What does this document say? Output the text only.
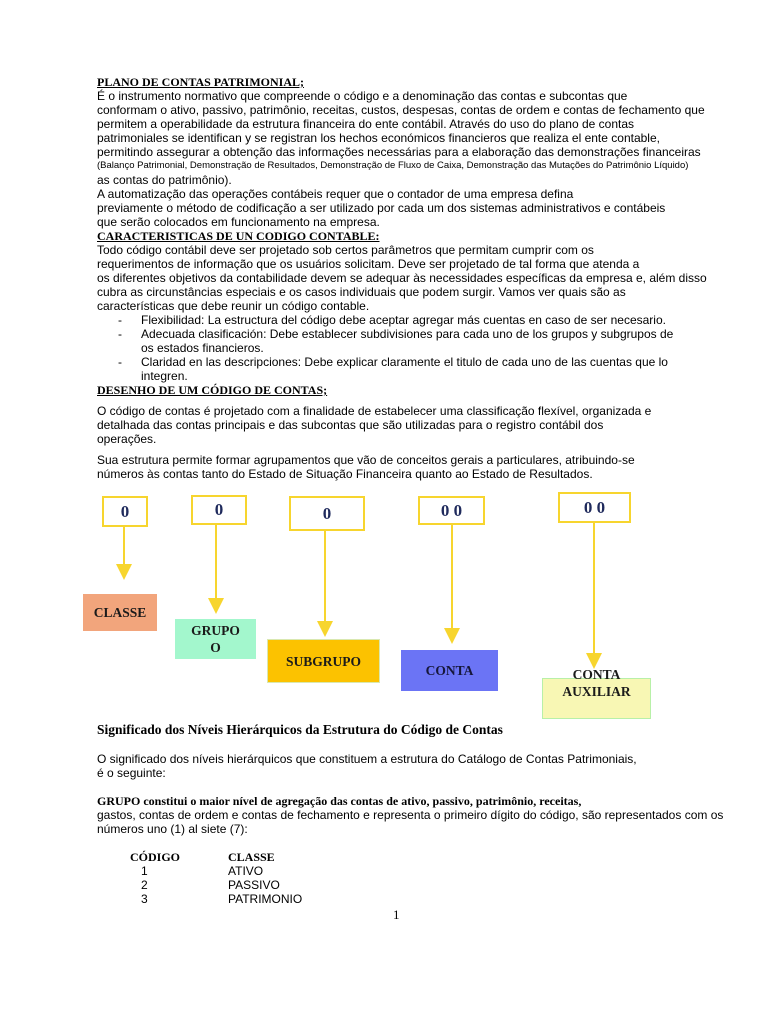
PLANO DE CONTAS PATRIMONIAL;
É o instrumento normativo que compreende o código e a denominação das contas e subcontas que
conformam o ativo, passivo, patrimônio, receitas, custos, despesas, contas de ordem e contas de fechamento que
permitem a operabilidade da estrutura financeira do ente contábil. Através do uso do plano de contas
patrimoniales se identifican y se registran los hechos económicos financieros que realiza el ente contable,
permitindo assegurar a obtenção das informações necessárias para a elaboração das demonstrações financeiras
(Balanço Patrimonial, Demonstração de Resultados, Demonstração de Fluxo de Caixa, Demonstração das Mutações do Patrimônio Líquido)
as contas do patrimônio).
A automatização das operações contábeis requer que o contador de uma empresa defina
previamente o método de codificação a ser utilizado por cada um dos sistemas administrativos e contábeis
que serão colocados em funcionamento na empresa.
CARACTERISTICAS DE UN CODIGO CONTABLE:
Todo código contábil deve ser projetado sob certos parâmetros que permitam cumprir com os
requerimentos de informação que os usuários solicitam. Deve ser projetado de tal forma que atenda a
os diferentes objetivos da contabilidade devem se adequar às necessidades específicas da empresa e, além disso
cubra as circunstâncias especiais e os casos individuais que podem surgir. Vamos ver quais são as
características que debe reunir un código contable.
- Flexibilidad: La estructura del código debe aceptar agregar más cuentas en caso de ser necesario.
- Adecuada clasificación: Debe establecer subdivisiones para cada uno de los grupos y subgrupos de
os estados financieros.
- Claridad en las descripciones: Debe explicar claramente el titulo de cada uno de las cuentas que lo
integren.
DESENHO DE UM CÓDIGO DE CONTAS;
O código de contas é projetado com a finalidade de estabelecer uma classificação flexível, organizada e
detalhada das contas principais e das subcontas que são utilizadas para o registro contábil dos
operações.
Sua estrutura permite formar agrupamentos que vão de conceitos gerais a particulares, atribuindo-se
números às contas tanto do Estado de Situação Financeira quanto ao Estado de Resultados.
0	0	0	0 0	0 0
CLASSE
GRUPO
O
SUBGRUPO
CONTA	CONTA
AUXILIAR
Significado dos Níveis Hierárquicos da Estrutura do Código de Contas
O significado dos níveis hierárquicos que constituem a estrutura do Catálogo de Contas Patrimoniais,
é o seguinte:
GRUPO constitui o maior nível de agregação das contas de ativo, passivo, patrimônio, receitas,
gastos, contas de ordem e contas de fechamento e representa o primeiro dígito do código, são representados com os
números uno (1) al siete (7):
CÓDIGO	CLASSE
1	ATIVO
2	PASSIVO
3	PATRIMONIO
1
